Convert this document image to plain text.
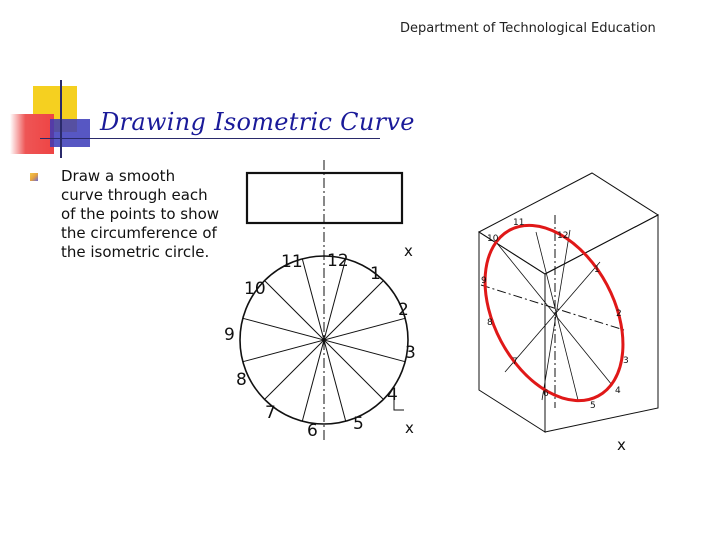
Department of Technological Education
Drawing Isometric Curve
Draw a smooth curve through each of the points to show the circumference of the isometric circle.	11 12
1
x
10
2
9
3
8
4
7
6 5	x
11
12
10
1
9
2
8
3
7
4
6
5
x
